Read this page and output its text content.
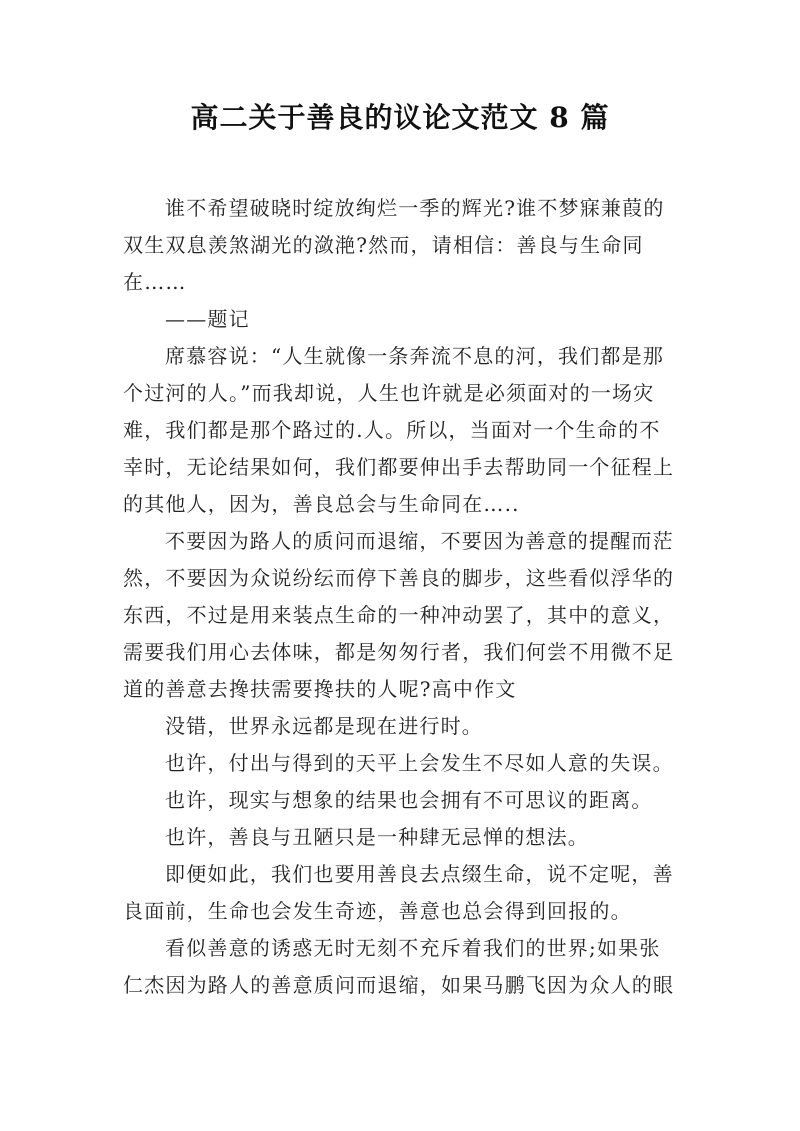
高二关于善良的议论文范文 8 篇
谁不希望破晓时绽放绚烂一季的辉光?谁不梦寐兼葭的
双生双息羡煞湖光的潋滟?然而，请相信：善良与生命同
在……
——题记
席慕容说：“人生就像一条奔流不息的河，我们都是那
个过河的人。”而我却说，人生也许就是必须面对的一场灾
难，我们都是那个路过的.人。所以，当面对一个生命的不
幸时，无论结果如何，我们都要伸出手去帮助同一个征程上
的其他人，因为，善良总会与生命同在…..
不要因为路人的质问而退缩，不要因为善意的提醒而茫
然，不要因为众说纷纭而停下善良的脚步，这些看似浮华的
东西，不过是用来装点生命的一种冲动罢了，其中的意义，
需要我们用心去体味，都是匆匆行者，我们何尝不用微不足
道的善意去搀扶需要搀扶的人呢?高中作文
没错，世界永远都是现在进行时。
也许，付出与得到的天平上会发生不尽如人意的失误。
也许，现实与想象的结果也会拥有不可思议的距离。
也许，善良与丑陋只是一种肆无忌惮的想法。
即便如此，我们也要用善良去点缀生命，说不定呢，善
良面前，生命也会发生奇迹，善意也总会得到回报的。
看似善意的诱惑无时无刻不充斥着我们的世界;如果张
仁杰因为路人的善意质问而退缩，如果马鹏飞因为众人的眼
